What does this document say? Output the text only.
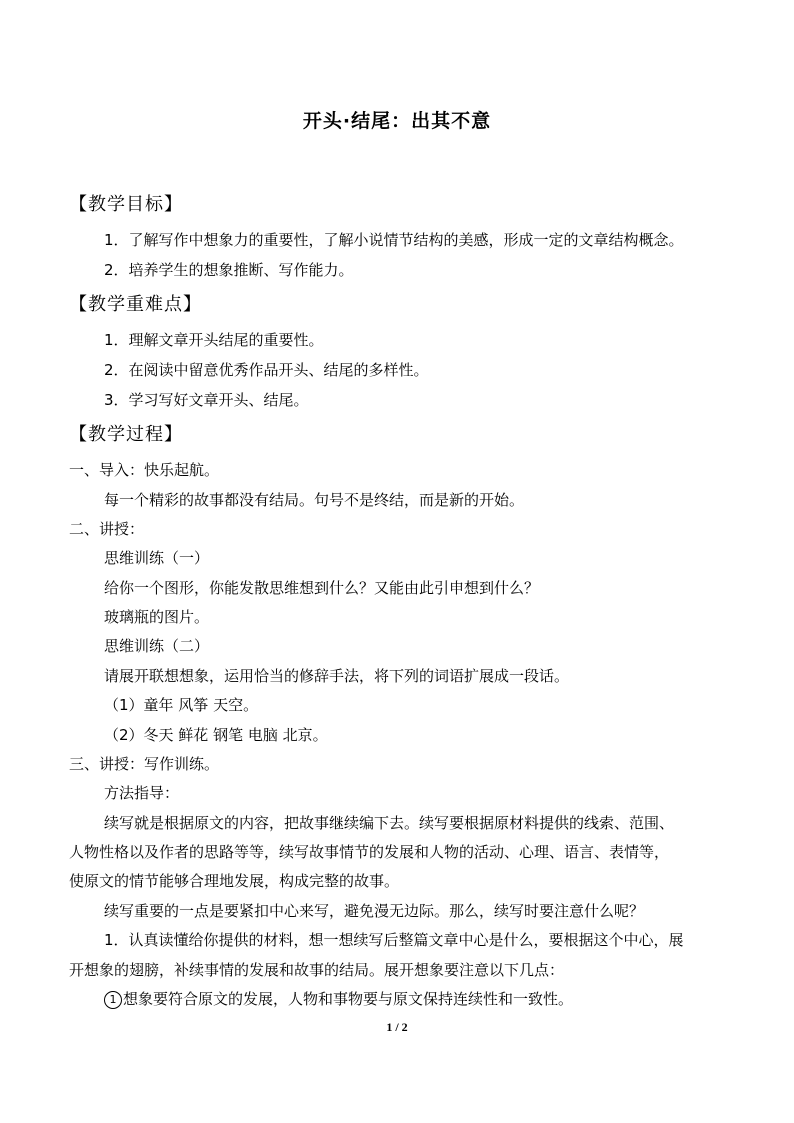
开头·结尾：出其不意
【教学目标】
1．了解写作中想象力的重要性，了解小说情节结构的美感，形成一定的文章结构概念。
2．培养学生的想象推断、写作能力。
【教学重难点】
1．理解文章开头结尾的重要性。
2．在阅读中留意优秀作品开头、结尾的多样性。
3．学习写好文章开头、结尾。
【教学过程】
一、导入：快乐起航。
每一个精彩的故事都没有结局。句号不是终结，而是新的开始。
二、讲授：
思维训练（一）
给你一个图形，你能发散思维想到什么？又能由此引申想到什么？
玻璃瓶的图片。
思维训练（二）
请展开联想想象，运用恰当的修辞手法，将下列的词语扩展成一段话。
（1）童年 风筝 天空。
（2）冬天 鲜花 钢笔 电脑 北京。
三、讲授：写作训练。
方法指导：
续写就是根据原文的内容，把故事继续编下去。续写要根据原材料提供的线索、范围、
人物性格以及作者的思路等等，续写故事情节的发展和人物的活动、心理、语言、表情等，
使原文的情节能够合理地发展，构成完整的故事。
续写重要的一点是要紧扣中心来写，避免漫无边际。那么，续写时要注意什么呢？
1．认真读懂给你提供的材料，想一想续写后整篇文章中心是什么，要根据这个中心，展
开想象的翅膀，补续事情的发展和故事的结局。展开想象要注意以下几点：
1 想象要符合原文的发展，人物和事物要与原文保持连续性和一致性。
1 / 2
